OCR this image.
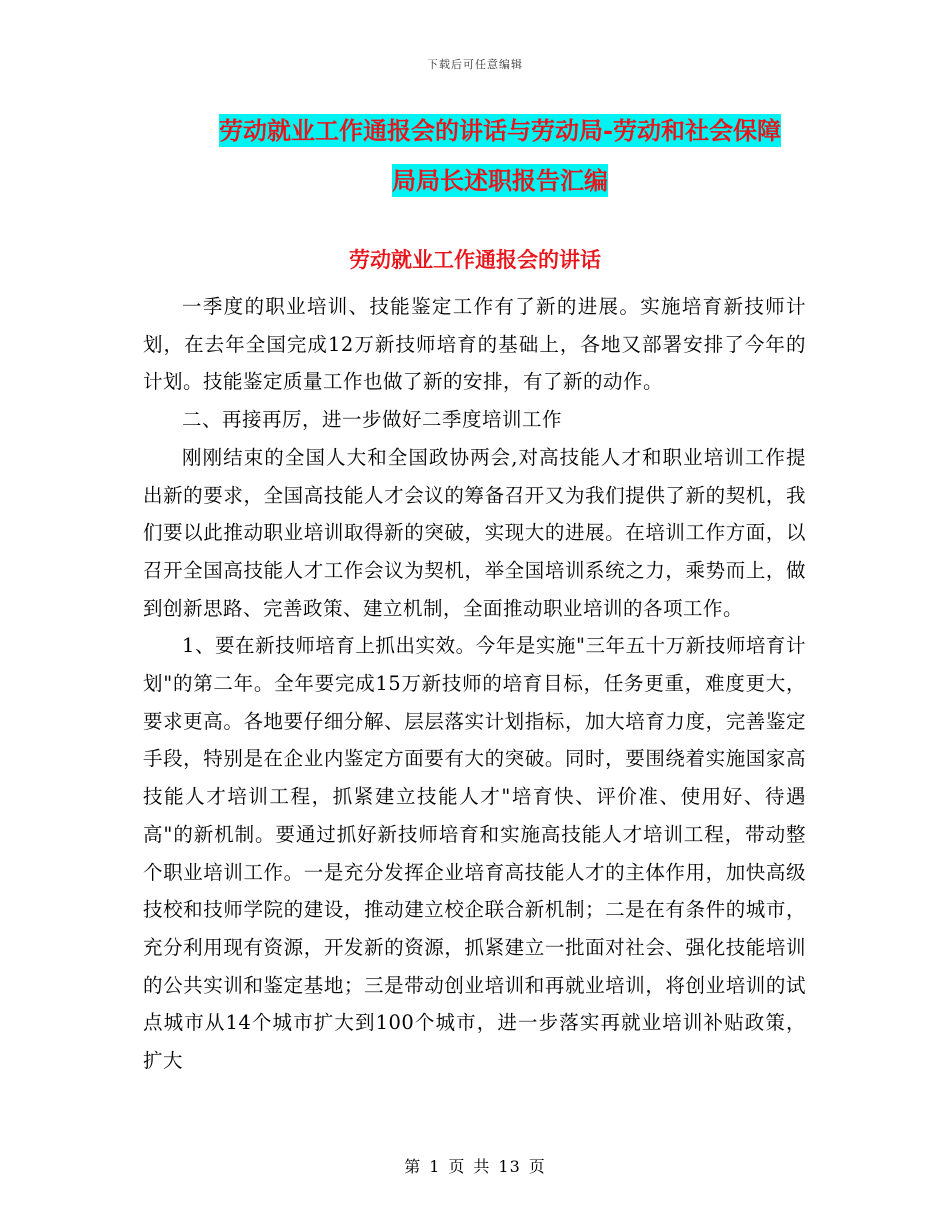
下载后可任意编辑
劳动就业工作通报会的讲话与劳动局-劳动和社会保障
局局长述职报告汇编
劳动就业工作通报会的讲话

一季度的职业培训、技能鉴定工作有了新的进展。实施培育新技师计划，在去年全国完成12万新技师培育的基础上，各地又部署安排了今年的计划。技能鉴定质量工作也做了新的安排，有了新的动作。

二、再接再厉，进一步做好二季度培训工作

刚刚结束的全国人大和全国政协两会,对高技能人才和职业培训工作提出新的要求，全国高技能人才会议的筹备召开又为我们提供了新的契机，我们要以此推动职业培训取得新的突破，实现大的进展。在培训工作方面，以召开全国高技能人才工作会议为契机，举全国培训系统之力，乘势而上，做到创新思路、完善政策、建立机制，全面推动职业培训的各项工作。

1、要在新技师培育上抓出实效。今年是实施"三年五十万新技师培育计划"的第二年。全年要完成15万新技师的培育目标，任务更重，难度更大，要求更高。各地要仔细分解、层层落实计划指标，加大培育力度，完善鉴定手段，特别是在企业内鉴定方面要有大的突破。同时，要围绕着实施国家高技能人才培训工程，抓紧建立技能人才"培育快、评价准、使用好、待遇高"的新机制。要通过抓好新技师培育和实施高技能人才培训工程，带动整个职业培训工作。一是充分发挥企业培育高技能人才的主体作用，加快高级技校和技师学院的建设，推动建立校企联合新机制；二是在有条件的城市，充分利用现有资源，开发新的资源，抓紧建立一批面对社会、强化技能培训的公共实训和鉴定基地；三是带动创业培训和再就业培训，将创业培训的试点城市从14个城市扩大到100个城市，进一步落实再就业培训补贴政策，扩大

第 1 页 共 13 页
